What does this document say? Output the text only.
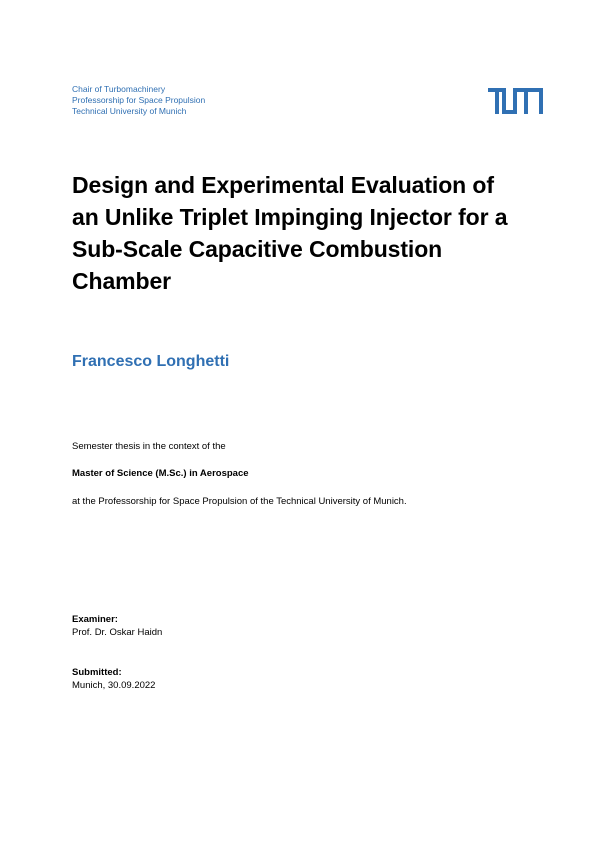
Chair of Turbomachinery
Professorship for Space Propulsion
Technical University of Munich
Design and Experimental Evaluation of
an Unlike Triplet Impinging Injector for a
Sub-Scale Capacitive Combustion
Chamber
Francesco Longhetti
Semester thesis in the context of the
Master of Science (M.Sc.) in Aerospace
at the Professorship for Space Propulsion of the Technical University of Munich.
Examiner:
Prof. Dr. Oskar Haidn
Submitted:
Munich, 30.09.2022
